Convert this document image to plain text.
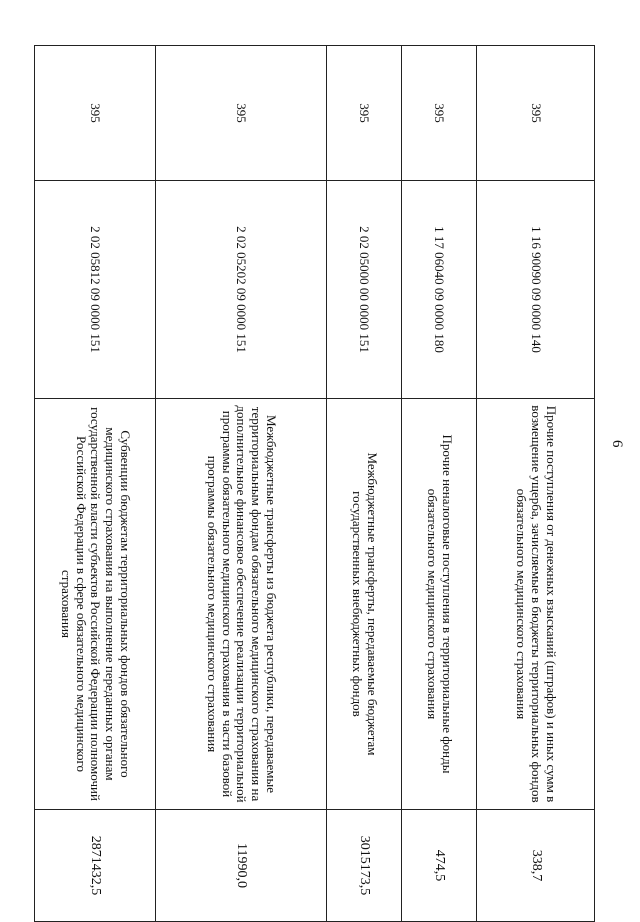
6
395	1 16 90090 09 0000 140	Прочие поступления от денежных взысканий (штрафов) и иных сумм в возмещение ущерба, зачисляемые в бюджеты территориальных фондов обязательного медицинского страхования	338,7
395	1 17 06040 09 0000 180	Прочие неналоговые поступления в территориальные фонды обязательного медицинского страхования	474,5
395	2 02 05000 00 0000 151	Межбюджетные трансферты, передаваемые бюджетам государственных внебюджетных фондов	3015173,5
395	2 02 05202 09 0000 151	Межбюджетные трансферты из бюджета республики, передаваемые территориальным фондам обязательного медицинского страхования на дополнительное финансовое обеспечение реализации территориальной программы обязательного медицинского страхования в части базовой программы обязательного медицинского страхования	11990,0
395	2 02 05812 09 0000 151	Субвенции бюджетам территориальных фондов обязательного медицинского страхования на выполнение переданных органам государственной власти субъектов Российской Федерации полномочий Российской Федерации в сфере обязательного медицинского страхования	2871432,5
